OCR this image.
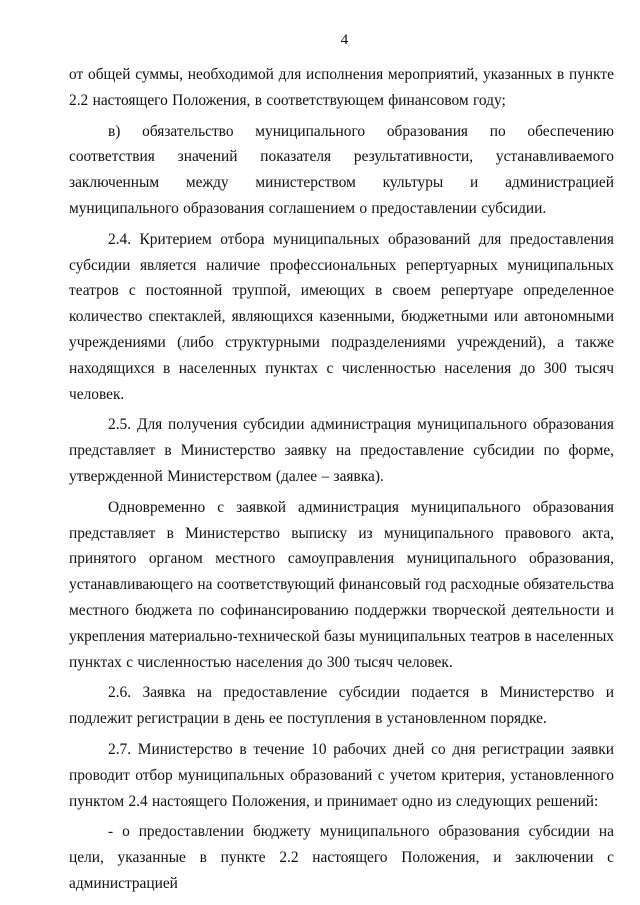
4

от общей суммы, необходимой для исполнения мероприятий, указанных в пункте 2.2 настоящего Положения, в соответствующем финансовом году;

в) обязательство муниципального образования по обеспечению соответствия значений показателя результативности, устанавливаемого заключенным между министерством культуры и администрацией муниципального образования соглашением о предоставлении субсидии.

2.4. Критерием отбора муниципальных образований для предоставления субсидии является наличие профессиональных репертуарных муниципальных театров с постоянной труппой, имеющих в своем репертуаре определенное количество спектаклей, являющихся казенными, бюджетными или автономными учреждениями (либо структурными подразделениями учреждений), а также находящихся в населенных пунктах с численностью населения до 300 тысяч человек.

2.5. Для получения субсидии администрация муниципального образования представляет в Министерство заявку на предоставление субсидии по форме, утвержденной Министерством (далее – заявка).

Одновременно с заявкой администрация муниципального образования представляет в Министерство выписку из муниципального правового акта, принятого органом местного самоуправления муниципального образования, устанавливающего на соответствующий финансовый год расходные обязательства местного бюджета по софинансированию поддержки творческой деятельности и укрепления материально-технической базы муниципальных театров в населенных пунктах с численностью населения до 300 тысяч человек.

2.6. Заявка на предоставление субсидии подается в Министерство и подлежит регистрации в день ее поступления в установленном порядке.

2.7. Министерство в течение 10 рабочих дней со дня регистрации заявки проводит отбор муниципальных образований с учетом критерия, установленного пунктом 2.4 настоящего Положения, и принимает одно из следующих решений:

- о предоставлении бюджету муниципального образования субсидии на цели, указанные в пункте 2.2 настоящего Положения, и заключении с администрацией
